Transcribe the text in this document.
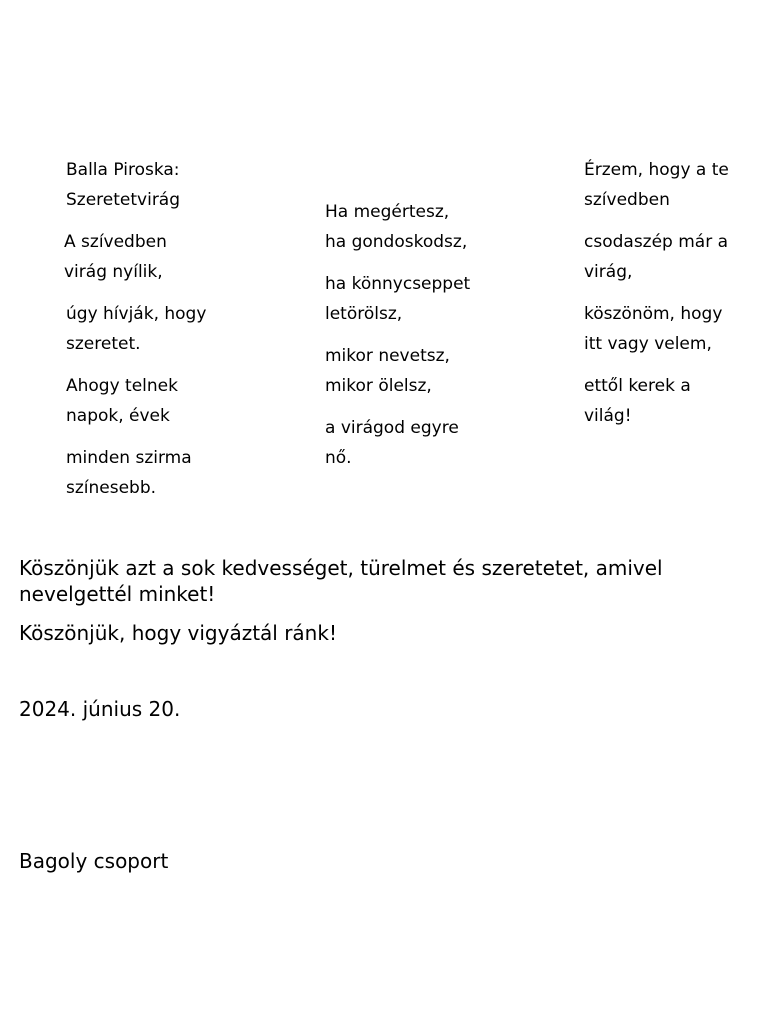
Balla Piroska:
Szeretetvirág
A szívedben
virág nyílik,
úgy hívják, hogy
szeretet.
Ahogy telnek
napok, évek
minden szirma
színesebb.
Ha megértesz,
ha gondoskodsz,
ha könnycseppet
letörölsz,
mikor nevetsz,
mikor ölelsz,
a virágod egyre
nő.
Érzem, hogy a te
szívedben
csodaszép már a
virág,
köszönöm, hogy
itt vagy velem,
ettől kerek a
világ!

Köszönjük azt a sok kedvességet, türelmet és szeretetet, amivel nevelgettél minket!

Köszönjük, hogy vigyáztál ránk!

2024. június 20.

Bagoly csoport
